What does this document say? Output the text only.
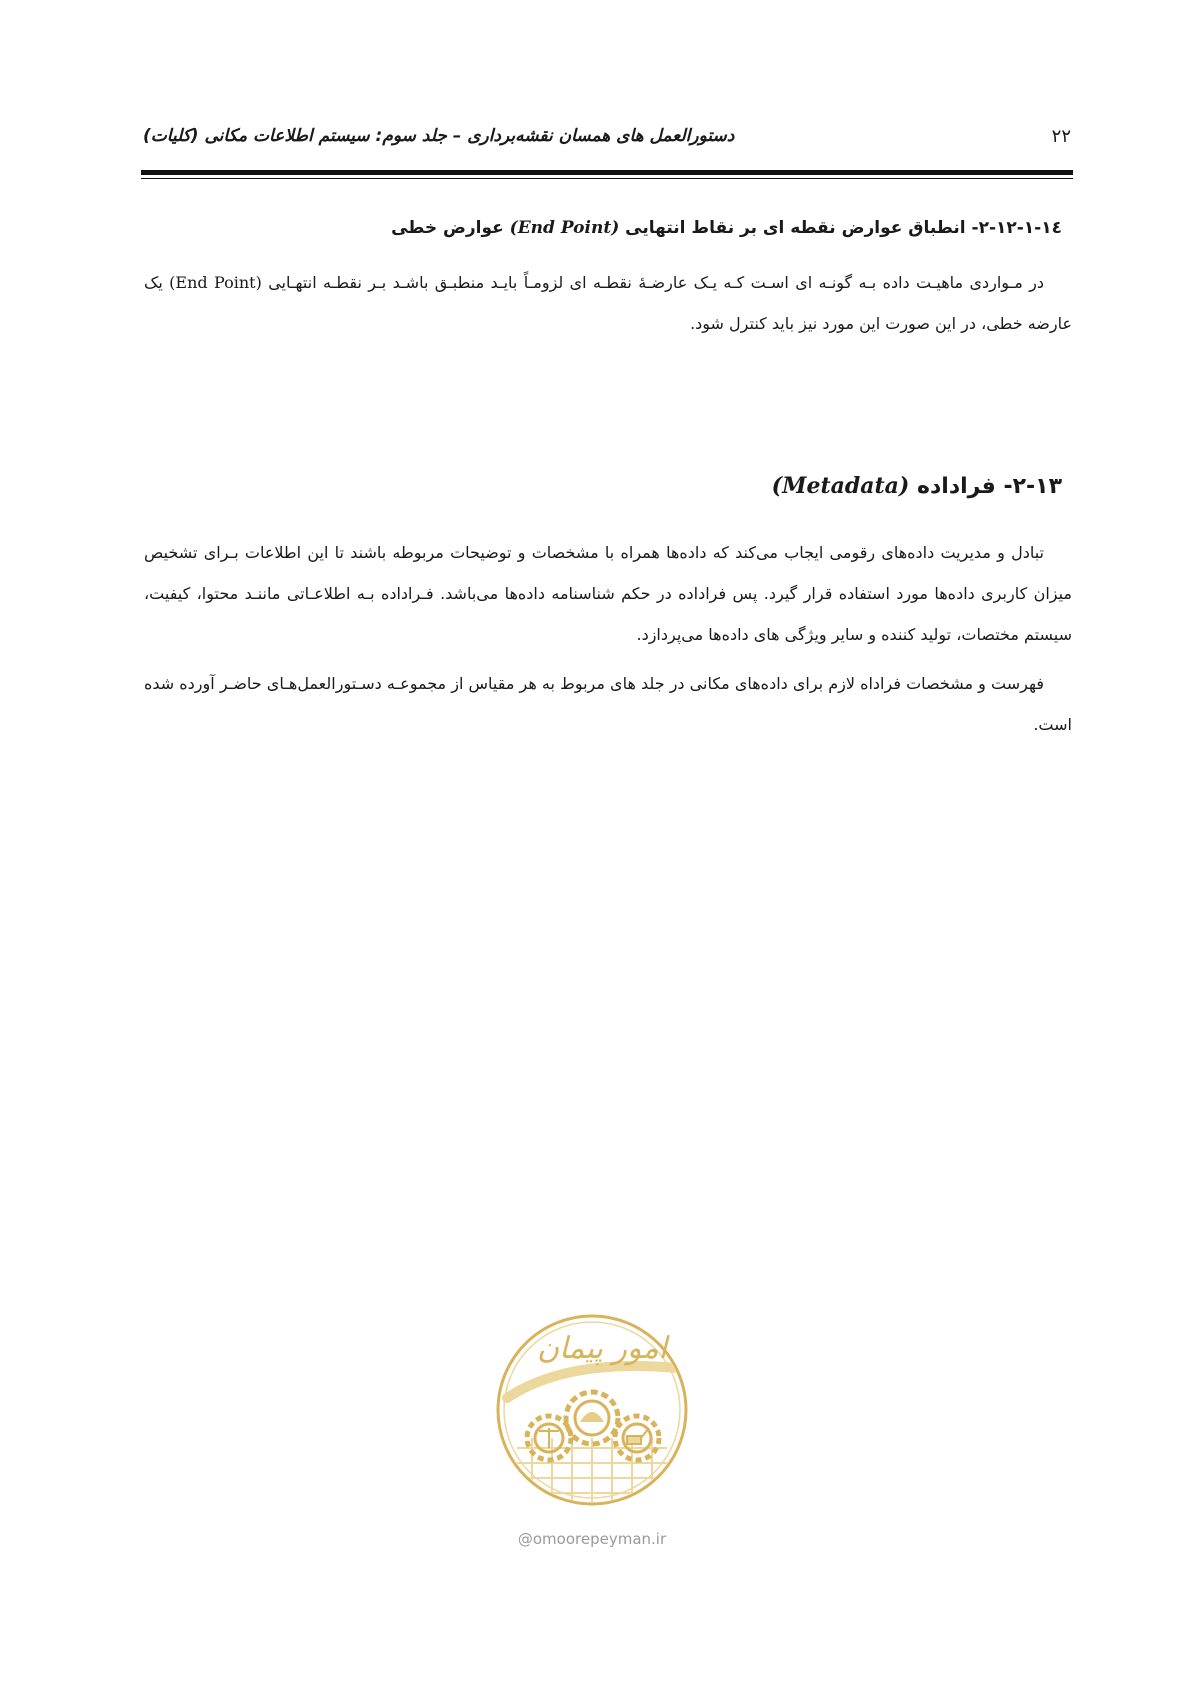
دستورالعمل های همسان نقشه‌برداری – جلد سوم: سیستم اطلاعات مکانی (کلیات)	۲۲
۲-۱۲-۱-۱٤- انطباق عوارض نقطه ای بر نقاط انتهایی (End Point) عوارض خطی
در مـواردی ماهیـت داده بـه گونـه ای اسـت کـه یـک عارضـهٔ نقطـه ای لزومـاً بایـد منطبـق باشـد بـر نقطـه انتهـایی (End Point) یک عارضه خطی، در این صورت این مورد نیز باید کنترل شود.
۲-۱۳- فراداده (Metadata)
تبادل و مدیریت داده‌های رقومی ایجاب می‌کند که داده‌ها همراه با مشخصات و توضیحات مربوطه باشند تا این اطلاعات بـرای تشخیص میزان کاربری داده‌ها مورد استفاده قرار گیرد. پس فراداده در حکم شناسنامه داده‌ها می‌باشد. فـراداده بـه اطلاعـاتی ماننـد محتوا، کیفیت، سیستم مختصات، تولید کننده و سایر ویژگی های داده‌ها می‌پردازد.
فهرست و مشخصات فراداه لازم برای داده‌های مکانی در جلد های مربوط به هر مقیاس از مجموعـه دسـتورالعمل‌هـای حاضـر آورده شده است.
امور پیمان
@omoorepeyman.ir
